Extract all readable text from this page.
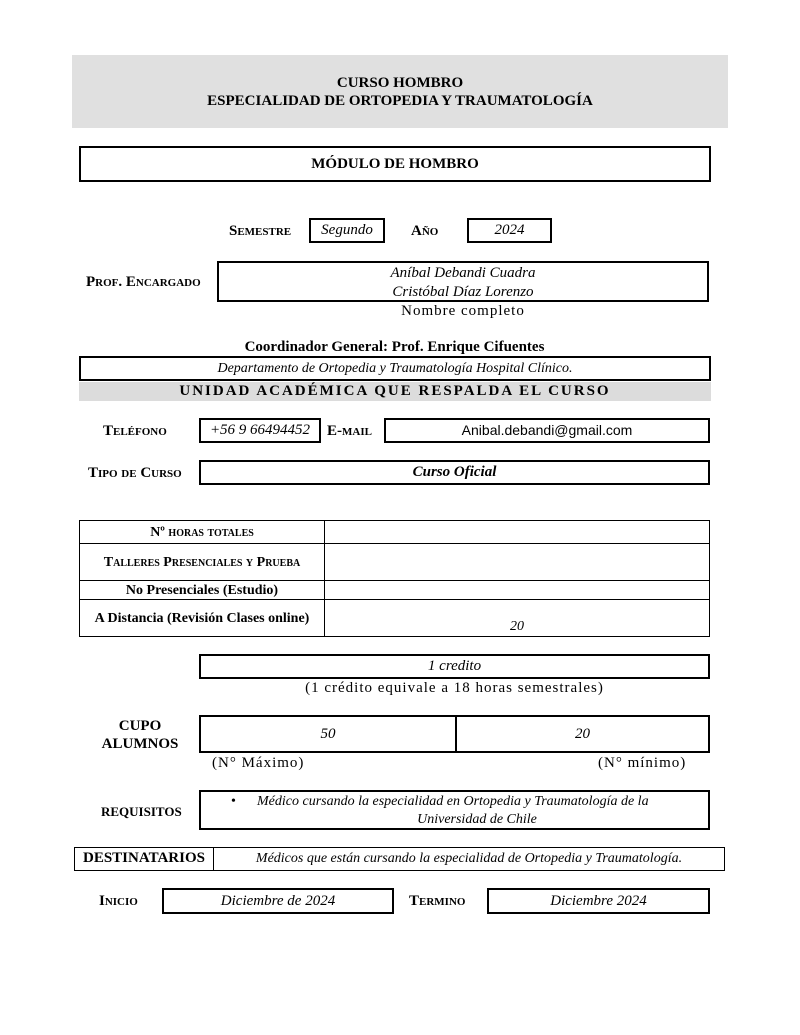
CURSO HOMBRO
ESPECIALIDAD DE ORTOPEDIA Y TRAUMATOLOGÍA
MÓDULO DE HOMBRO
Semestre	Segundo	Año	2024
Prof. Encargado
Aníbal Debandi Cuadra
Cristóbal Díaz Lorenzo
Nombre completo
Coordinador General: Prof. Enrique Cifuentes
Departamento de Ortopedia y Traumatología Hospital Clínico.
UNIDAD ACADÉMICA QUE RESPALDA EL CURSO
Teléfono	+56 9 66494452	E-mail	Anibal.debandi@gmail.com
Tipo de Curso	Curso Oficial
Nº horas totales	
Talleres Presenciales y Prueba	
No Presenciales (Estudio)	
A Distancia (Revisión Clases online)	20
1 credito
(1 crédito equivale a 18 horas semestrales)
CUPO
ALUMNOS
50	20
(N° Máximo)	(N° mínimo)
REQUISITOS
• Médico cursando la especialidad en Ortopedia y Traumatología de la
Universidad de Chile
DESTINATARIOS	Médicos que están cursando la especialidad de Ortopedia y Traumatología.
Inicio	Diciembre de 2024	Termino	Diciembre 2024
